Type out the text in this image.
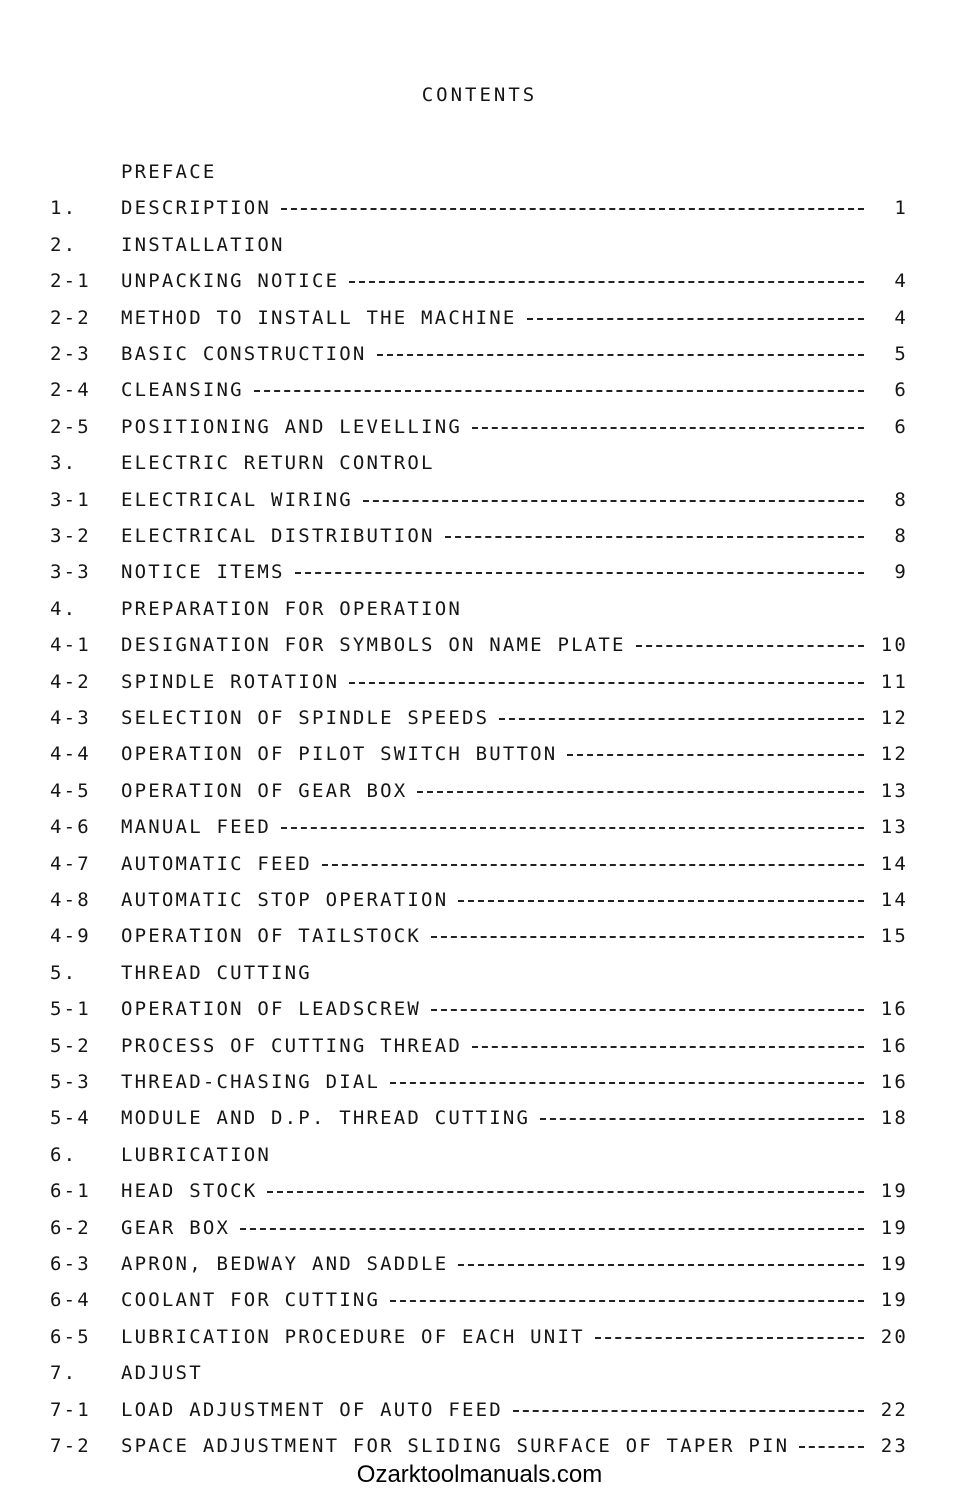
CONTENTS
PREFACE
1. DESCRIPTION	1
2. INSTALLATION
2-1 UNPACKING NOTICE	4
2-2 METHOD TO INSTALL THE MACHINE	4
2-3 BASIC CONSTRUCTION	5
2-4 CLEANSING	6
2-5 POSITIONING AND LEVELLING	6
3. ELECTRIC RETURN CONTROL
3-1 ELECTRICAL WIRING	8
3-2 ELECTRICAL DISTRIBUTION	8
3-3 NOTICE ITEMS	9
4. PREPARATION FOR OPERATION
4-1 DESIGNATION FOR SYMBOLS ON NAME PLATE	10
4-2 SPINDLE ROTATION	11
4-3 SELECTION OF SPINDLE SPEEDS	12
4-4 OPERATION OF PILOT SWITCH BUTTON	12
4-5 OPERATION OF GEAR BOX	13
4-6 MANUAL FEED	13
4-7 AUTOMATIC FEED	14
4-8 AUTOMATIC STOP OPERATION	14
4-9 OPERATION OF TAILSTOCK	15
5. THREAD CUTTING
5-1 OPERATION OF LEADSCREW	16
5-2 PROCESS OF CUTTING THREAD	16
5-3 THREAD-CHASING DIAL	16
5-4 MODULE AND D.P. THREAD CUTTING	18
6. LUBRICATION
6-1 HEAD STOCK	19
6-2 GEAR BOX	19
6-3 APRON, BEDWAY AND SADDLE	19
6-4 COOLANT FOR CUTTING	19
6-5 LUBRICATION PROCEDURE OF EACH UNIT	20
7. ADJUST
7-1 LOAD ADJUSTMENT OF AUTO FEED	22
7-2 SPACE ADJUSTMENT FOR SLIDING SURFACE OF TAPER PIN	23
Ozarktoolmanuals.com
